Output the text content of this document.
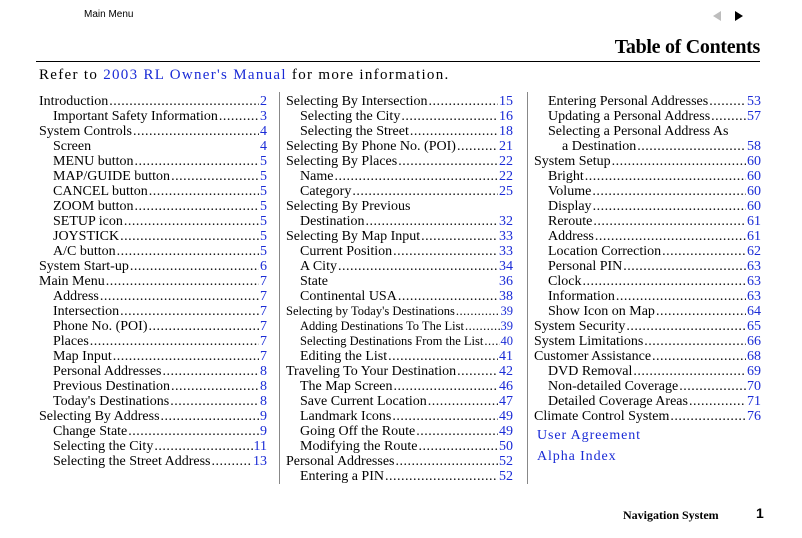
Main Menu
Table of Contents
Refer to 2003 RL Owner's Manual for more information.
Introduction .....	2
Important Safety Information .....	3
System Controls .....	4
Screen	4
MENU button .....	5
MAP/GUIDE button .....	5
CANCEL button .....	5
ZOOM button .....	5
SETUP icon .....	5
JOYSTICK .....	5
A/C button .....	5
System Start-up .....	6
Main Menu .....	7
Address .....	7
Intersection .....	7
Phone No. (POI) .....	7
Places .....	7
Map Input .....	7
Personal Addresses .....	8
Previous Destination .....	8
Today's Destinations .....	8
Selecting By Address .....	9
Change State .....	9
Selecting the City .....	11
Selecting the Street Address .....	13
Selecting By Intersection .....	15
Selecting the City .....	16
Selecting the Street .....	18
Selecting By Phone No. (POI) .....	21
Selecting By Places .....	22
Name .....	22
Category .....	25
Selecting By Previous
Destination .....	32
Selecting By Map Input .....	33
Current Position .....	33
A City .....	34
State	36
Continental USA .....	38
Selecting by Today's Destinations .....	39
Adding Destinations To The List .....	39
Selecting Destinations From the List ..... 40
Editing the List .....	41
Traveling To Your Destination .....	42
The Map Screen .....	46
Save Current Location .....	47
Landmark Icons .....	49
Going Off the Route .....	49
Modifying the Route .....	50
Personal Addresses .....	52
Entering a PIN .....	52
Entering Personal Addresses .....	53
Updating a Personal Address .....	57
Selecting a Personal Address As
a Destination .....	58
System Setup .....	60
Bright .....	60
Volume .....	60
Display .....	60
Reroute .....	61
Address .....	61
Location Correction .....	62
Personal PIN .....	63
Clock .....	63
Information .....	63
Show Icon on Map .....	64
System Security .....	65
System Limitations .....	66
Customer Assistance .....	68
DVD Removal .....	69
Non-detailed Coverage .....	70
Detailed Coverage Areas .....	71
Climate Control System .....	76
User Agreement
Alpha Index
Navigation System	1
